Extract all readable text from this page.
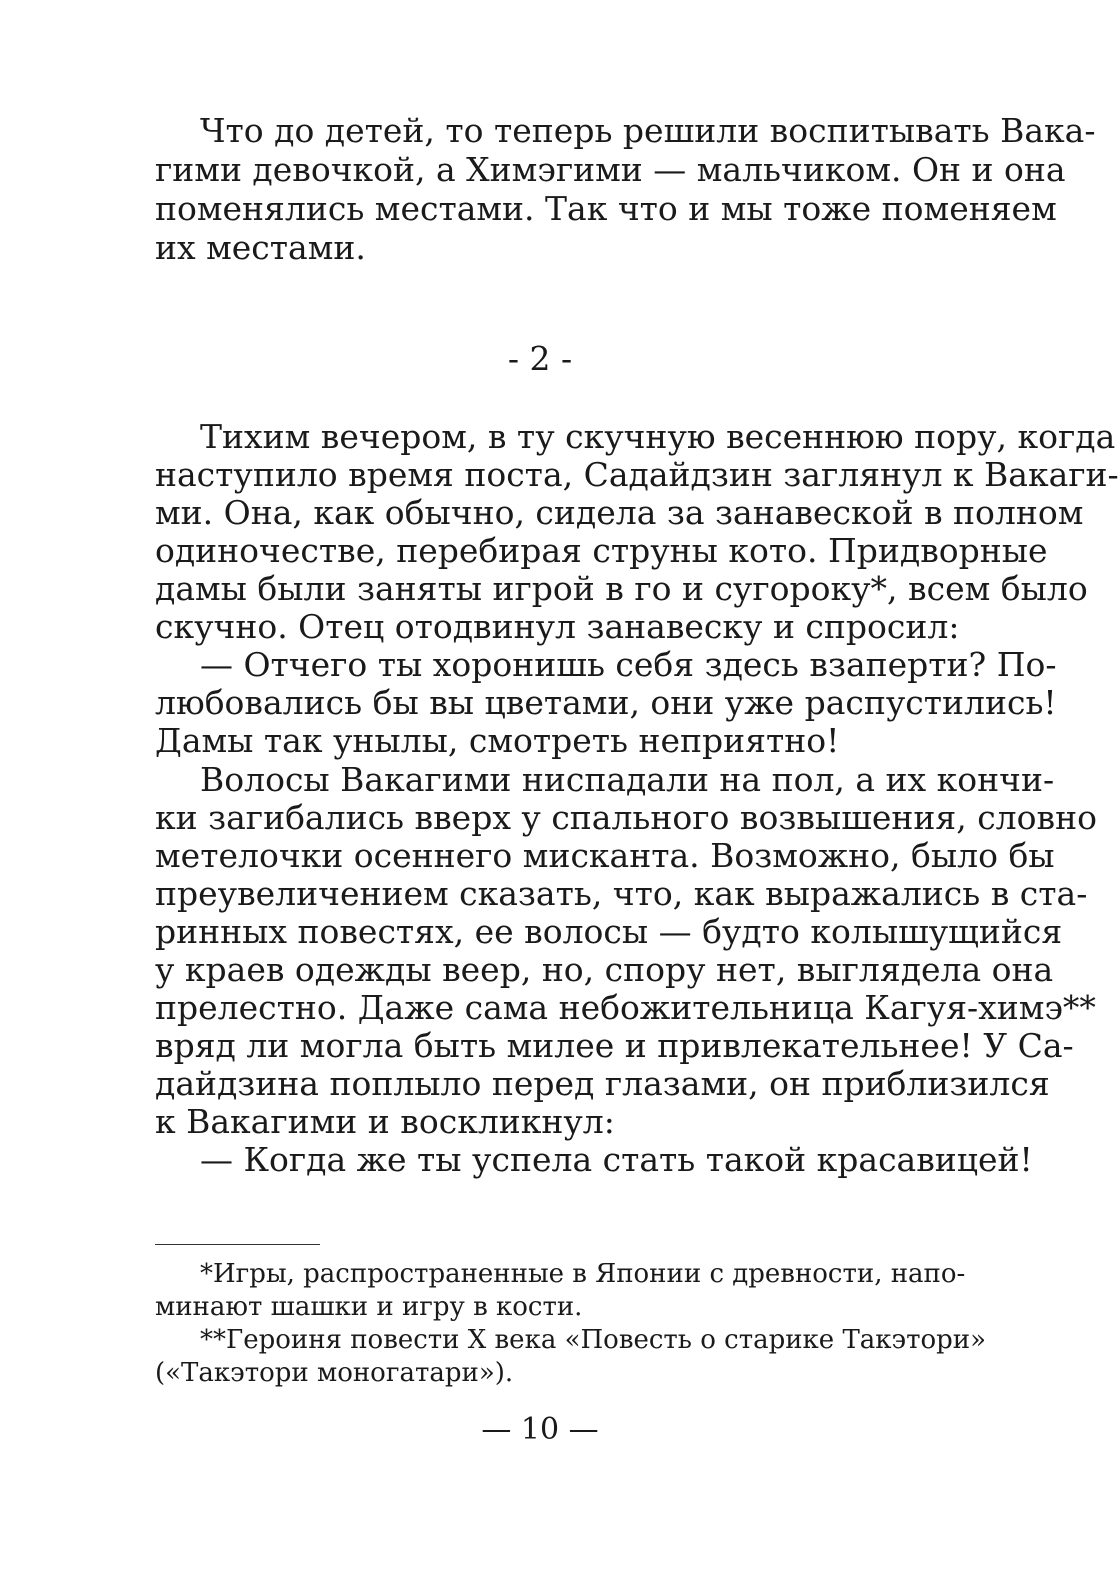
Что до детей, то теперь решили воспитывать Вака-
гими девочкой, а Химэгими — мальчиком. Он и она
поменялись местами. Так что и мы тоже поменяем
их местами.
- 2 -
Тихим вечером, в ту скучную весеннюю пору, когда
наступило время поста, Садайдзин заглянул к Вакаги-
ми. Она, как обычно, сидела за занавеской в полном
одиночестве, перебирая струны кото. Придворные
дамы были заняты игрой в го и сугороку*, всем было
скучно. Отец отодвинул занавеску и спросил:
— Отчего ты хоронишь себя здесь взаперти? По-
любовались бы вы цветами, они уже распустились!
Дамы так унылы, смотреть неприятно!
Волосы Вакагими ниспадали на пол, а их кончи-
ки загибались вверх у спального возвышения, словно
метелочки осеннего мисканта. Возможно, было бы
преувеличением сказать, что, как выражались в ста-
ринных повестях, ее волосы — будто колышущийся
у краев одежды веер, но, спору нет, выглядела она
прелестно. Даже сама небожительница Кагуя-химэ**
вряд ли могла быть милее и привлекательнее! У Са-
дайдзина поплыло перед глазами, он приблизился
к Вакагими и воскликнул:
— Когда же ты успела стать такой красавицей!
*Игры, распространенные в Японии с древности, напо-
минают шашки и игру в кости.
**Героиня повести X века «Повесть о старике Такэтори»
(«Такэтори моногатари»).
— 10 —
